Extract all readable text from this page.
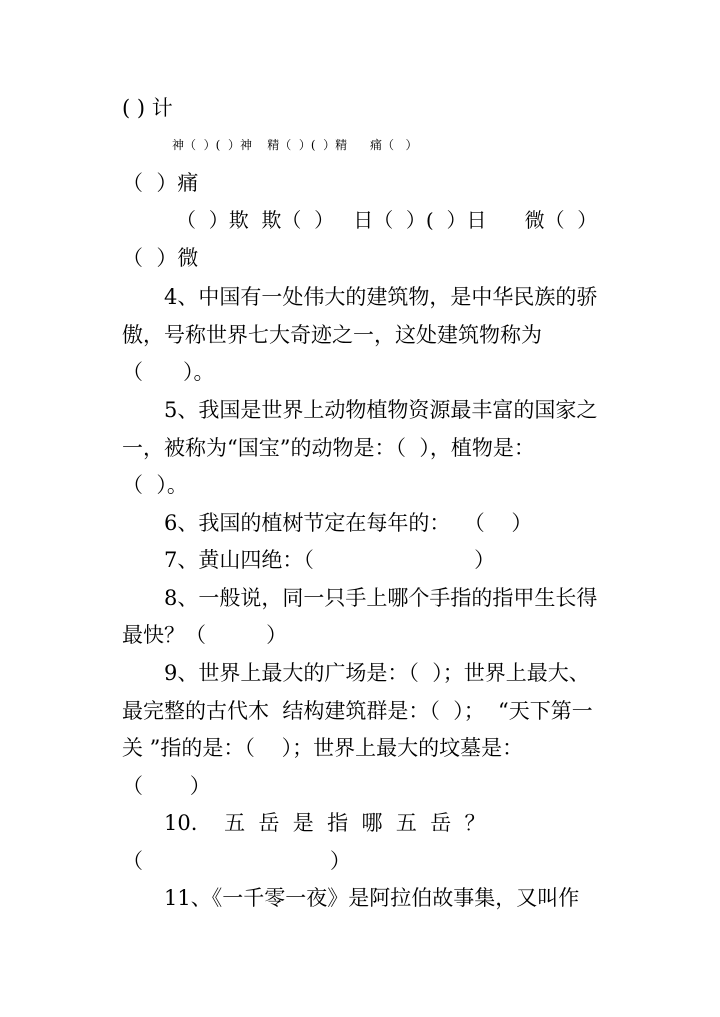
( ) 计
神（  ）(  ）神    精（  ）(  ）精      痛（   ）
（  ）痛
（  ）欺  欺（  ）   日（  ）(  ）日      微（  ）
（  ）微
4、中国有一处伟大的建筑物，是中华民族的骄
傲，号称世界七大奇迹之一，这处建筑物称为
（      ）。
5、我国是世界上动物植物资源最丰富的国家之
一，被称为“国宝”的动物是：（  ），植物是：
（  ）。
6、我国的植树节定在每年的：  （    ）
7、黄山四绝：（                        ）
8、一般说，同一只手上哪个手指的指甲生长得
最快？（         ）
9、世界上最大的广场是：（  ）；世界上最大、
最完整的古代木  结构建筑群是：（  ）；  “天下第一
关 ”指的是：（    ）；世界上最大的坟墓是：
（       ）
10.    五  岳  是  指  哪  五  岳  ？
（                            ）
11、《一千零一夜》是阿拉伯故事集，又叫作
